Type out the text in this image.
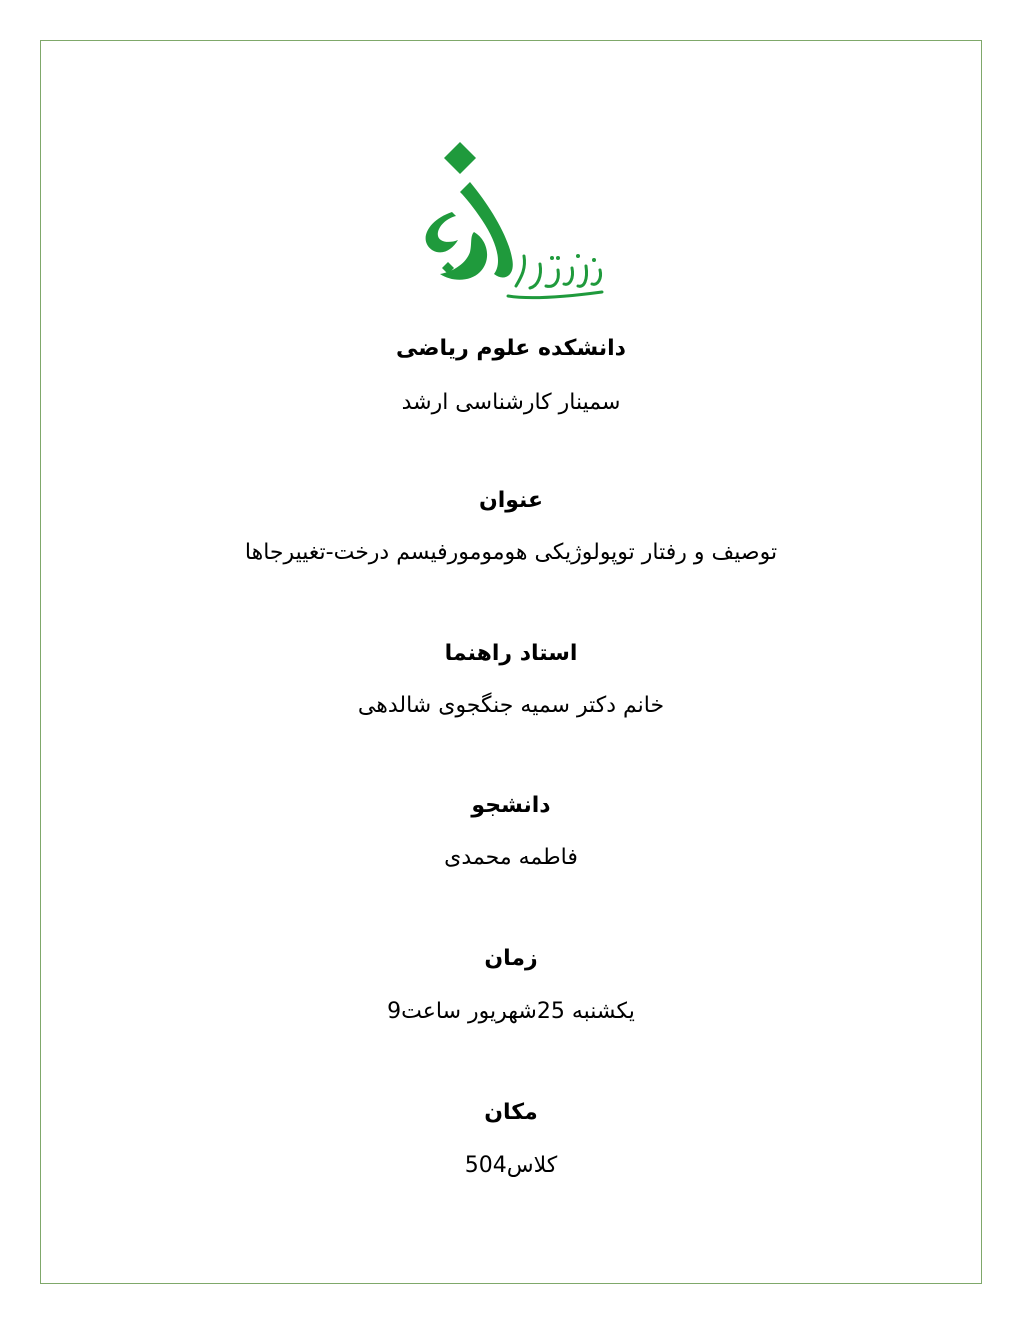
دانشکده علوم ریاضی
سمینار کارشناسی ارشد
عنوان
توصیف و رفتار توپولوژیکی هومومورفیسم درخت-تغییرجاها
استاد راهنما
خانم دکتر سمیه جنگجوی شالدهی
دانشجو
فاطمه محمدی
زمان
یکشنبه 25شهریور ساعت9
مکان
کلاس504
